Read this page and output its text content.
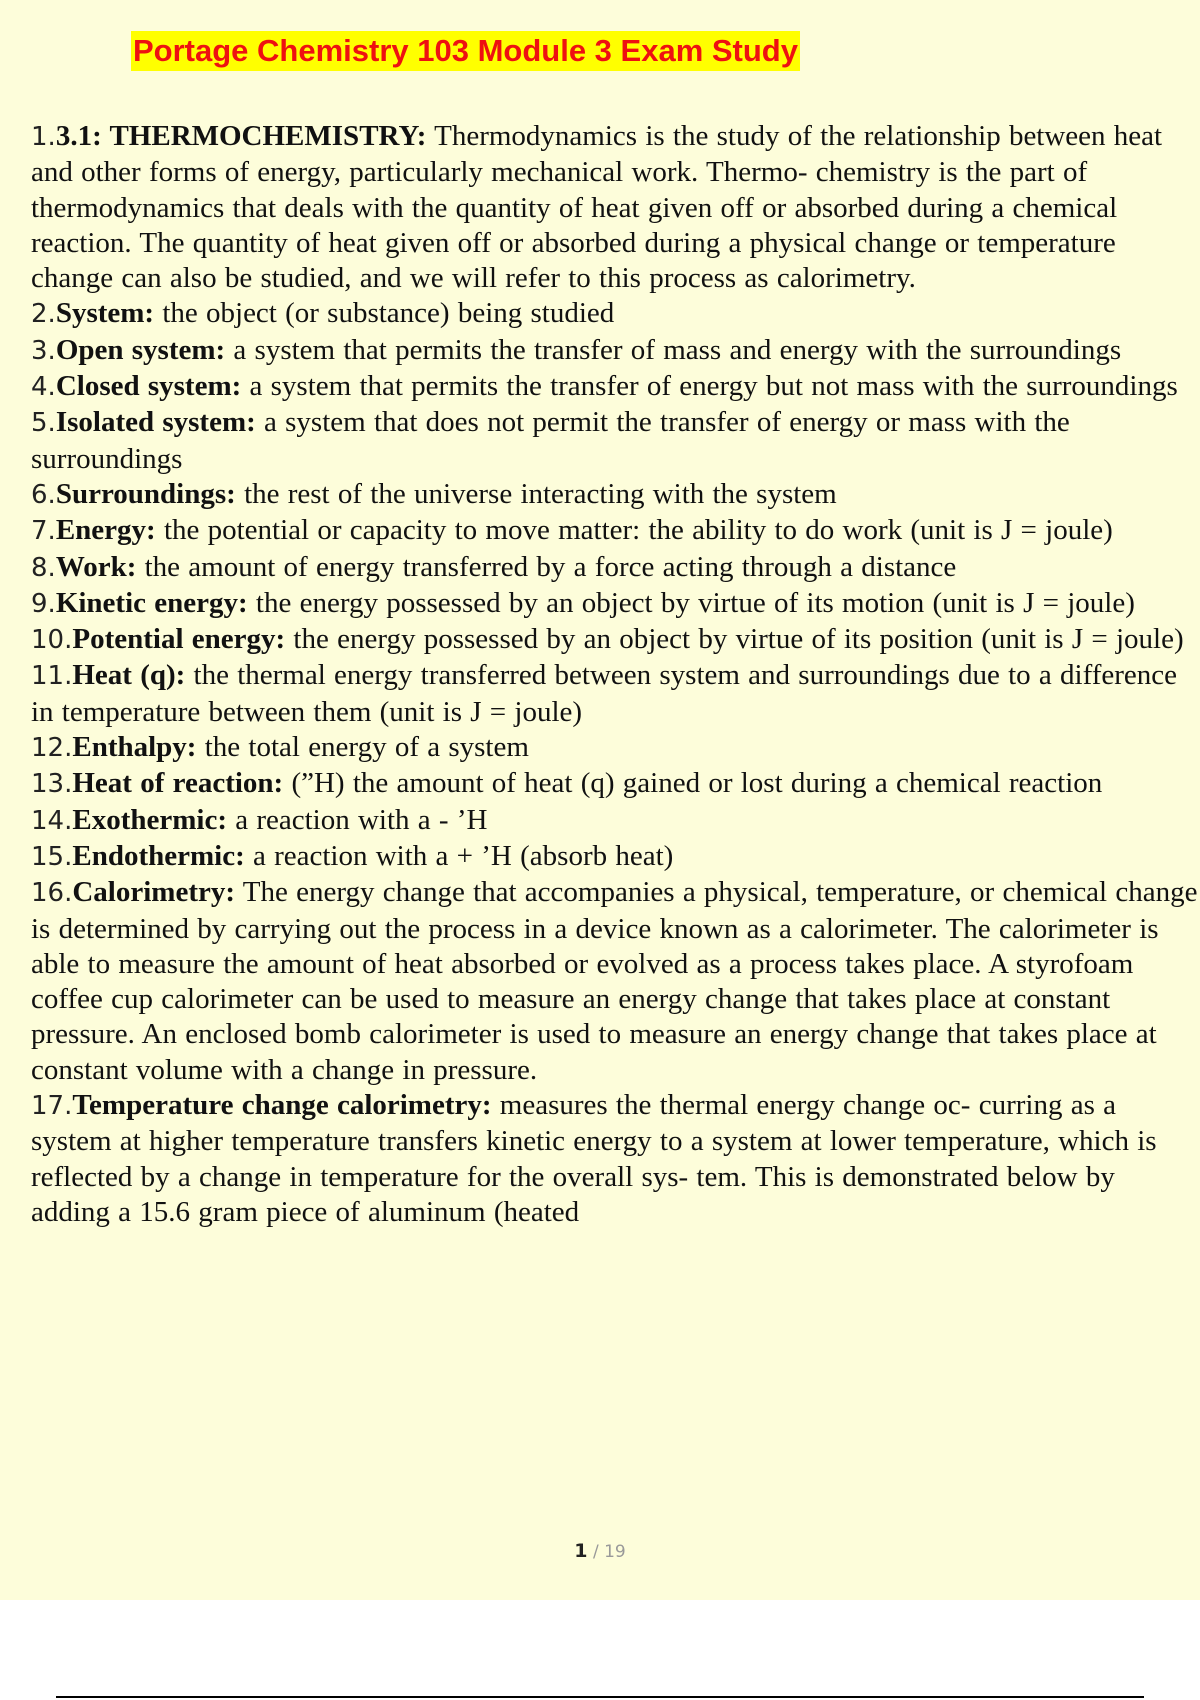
Portage Chemistry 103 Module 3 Exam Study

1.3.1: THERMOCHEMISTRY: Thermodynamics is the study of the relationship between heat and other forms of energy, particularly mechanical work. Thermo- chemistry is the part of thermodynamics that deals with the quantity of heat given off or absorbed during a chemical reaction. The quantity of heat given off or absorbed during a physical change or temperature change can also be studied, and we will refer to this process as calorimetry.

2.System: the object (or substance) being studied

3.Open system: a system that permits the transfer of mass and energy with the surroundings

4.Closed system: a system that permits the transfer of energy but not mass with the surroundings

5.Isolated system: a system that does not permit the transfer of energy or mass with the surroundings

6.Surroundings: the rest of the universe interacting with the system

7.Energy: the potential or capacity to move matter: the ability to do work (unit is J = joule)

8.Work: the amount of energy transferred by a force acting through a distance

9.Kinetic energy: the energy possessed by an object by virtue of its motion (unit is J = joule)

10.Potential energy: the energy possessed by an object by virtue of its position (unit is J = joule)

11.Heat (q): the thermal energy transferred between system and surroundings due to a difference in temperature between them (unit is J = joule)

12.Enthalpy: the total energy of a system

13.Heat of reaction: (”H) the amount of heat (q) gained or lost during a chemical reaction

14.Exothermic: a reaction with a - ’H

15.Endothermic: a reaction with a + ’H (absorb heat)

16.Calorimetry: The energy change that accompanies a physical, temperature, or chemical change is determined by carrying out the process in a device known as a calorimeter. The calorimeter is able to measure the amount of heat absorbed or evolved as a process takes place. A styrofoam coffee cup calorimeter can be used to measure an energy change that takes place at constant pressure. An enclosed bomb calorimeter is used to measure an energy change that takes place at constant volume with a change in pressure.

17.Temperature change calorimetry: measures the thermal energy change oc- curring as a system at higher temperature transfers kinetic energy to a system at lower temperature, which is reflected by a change in temperature for the overall sys- tem. This is demonstrated below by adding a 15.6 gram piece of aluminum (heated

1 / 19
